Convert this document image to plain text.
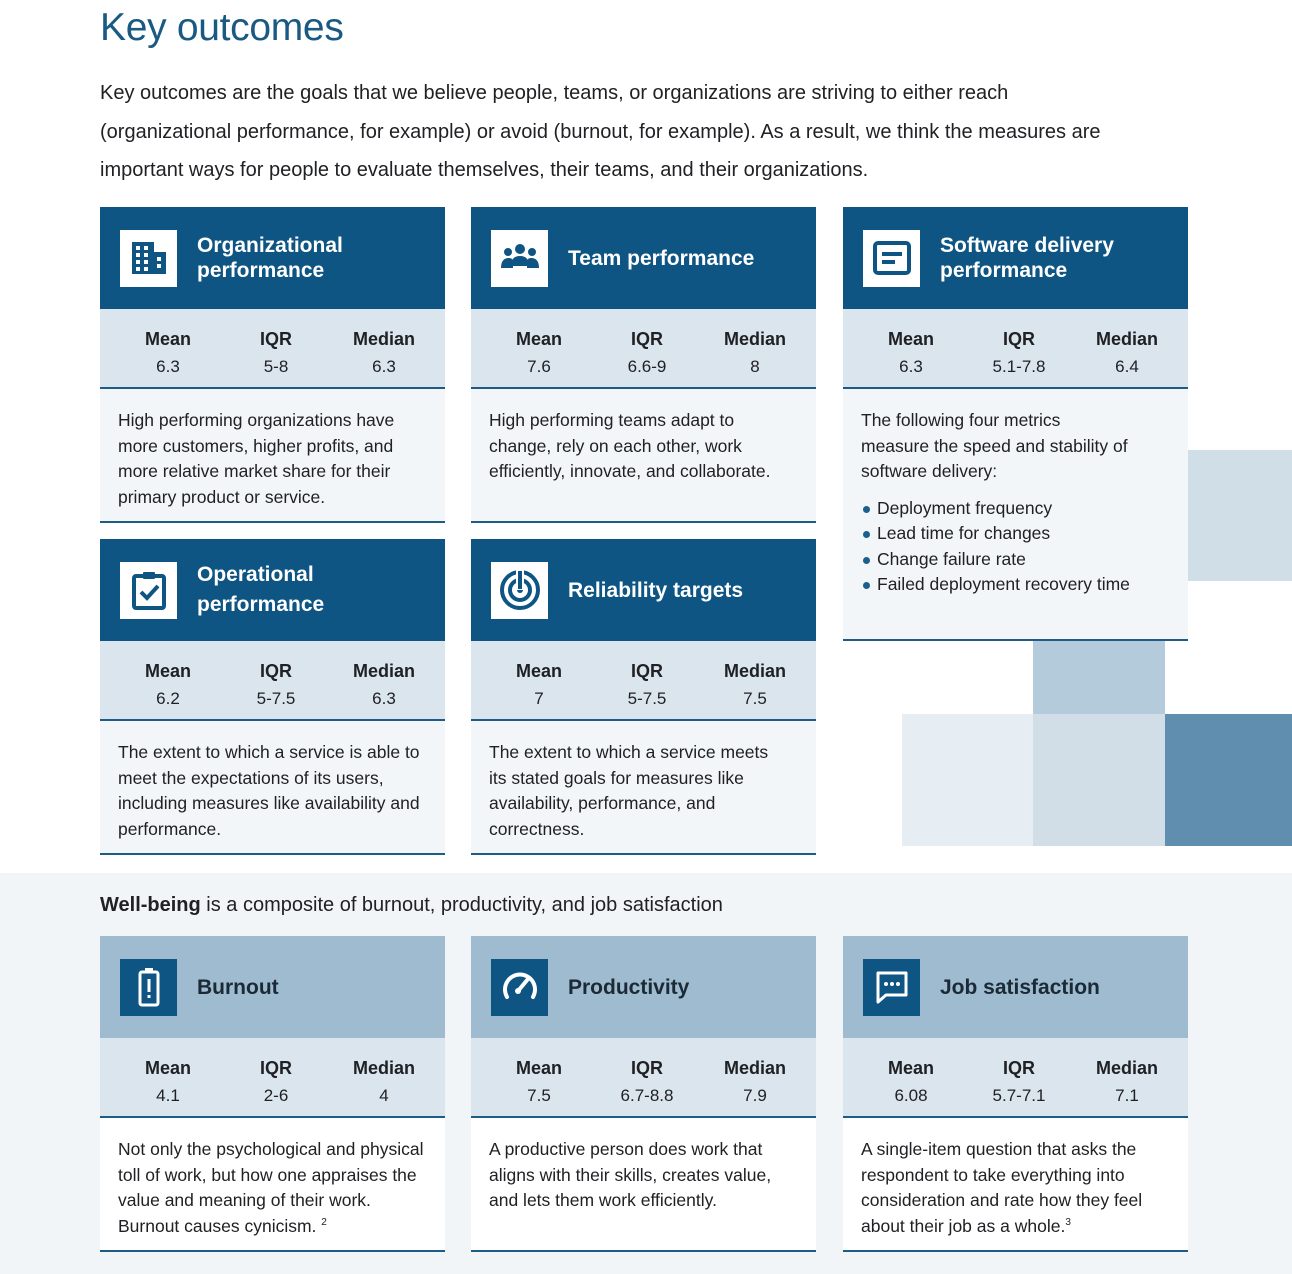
Key outcomes

Key outcomes are the goals that we believe people, teams, or organizations are striving to either reach (organizational performance, for example) or avoid (burnout, for example). As a result, we think the measures are important ways for people to evaluate themselves, their teams, and their organizations.

Organizational performance
Mean
6.3
IQR
5-8
Median
6.3
High performing organizations have more customers, higher profits, and more relative market share for their primary product or service.
Team performance
Mean
7.6
IQR
6.6-9
Median
8
High performing teams adapt to change, rely on each other, work efficiently, innovate, and collaborate.
Software delivery performance
Mean
6.3
IQR
5.1-7.8
Median
6.4
The following four metrics measure the speed and stability of software delivery:
Deployment frequency
Lead time for changes
Change failure rate
Failed deployment recovery time
Operational performance
Mean
6.2
IQR
5-7.5
Median
6.3
The extent to which a service is able to meet the expectations of its users, including measures like availability and performance.
Reliability targets
Mean
7
IQR
5-7.5
Median
7.5
The extent to which a service meets its stated goals for measures like availability, performance, and correctness.
Well-being is a composite of burnout, productivity, and job satisfaction
Burnout
Mean
4.1
IQR
2-6
Median
4
Not only the psychological and physical toll of work, but how one appraises the value and meaning of their work. Burnout causes cynicism. $^2$
Productivity
Mean
7.5
IQR
6.7-8.8
Median
7.9
A productive person does work that aligns with their skills, creates value, and lets them work efficiently.
Job satisfaction
Mean
6.08
IQR
5.7-7.1
Median
7.1
A single-item question that asks the respondent to take everything into consideration and rate how they feel about their job as a whole.$^3$
